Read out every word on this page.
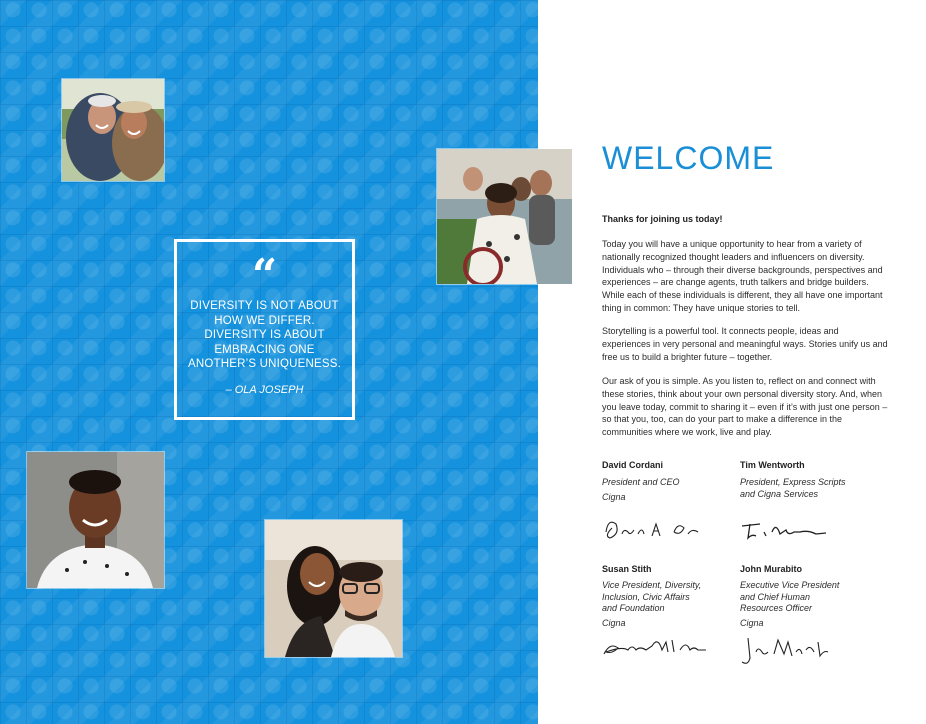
“
DIVERSITY IS NOT ABOUT HOW WE DIFFER. DIVERSITY IS ABOUT EMBRACING ONE ANOTHER’S UNIQUENESS.
– OLA JOSEPH
WELCOME
Thanks for joining us today!

Today you will have a unique opportunity to hear from a variety of nationally recognized thought leaders and influencers on diversity. Individuals who – through their diverse backgrounds, perspectives and experiences – are change agents, truth talkers and bridge builders. While each of these individuals is different, they all have one important thing in common: They have unique stories to tell.

Storytelling is a powerful tool. It connects people, ideas and experiences in very personal and meaningful ways. Stories unify us and free us to build a brighter future – together.

Our ask of you is simple. As you listen to, reflect on and connect with these stories, think about your own personal diversity story. And, when you leave today, commit to sharing it – even if it’s with just one person – so that you, too, can do your part to make a difference in the communities where we work, live and play.

David Cordani
President and CEO
Cigna
Tim Wentworth
President, Express Scripts
and Cigna Services
Susan Stith
Vice President, Diversity,
Inclusion, Civic Affairs
and Foundation
Cigna
John Murabito
Executive Vice President
and Chief Human
Resources Officer
Cigna
